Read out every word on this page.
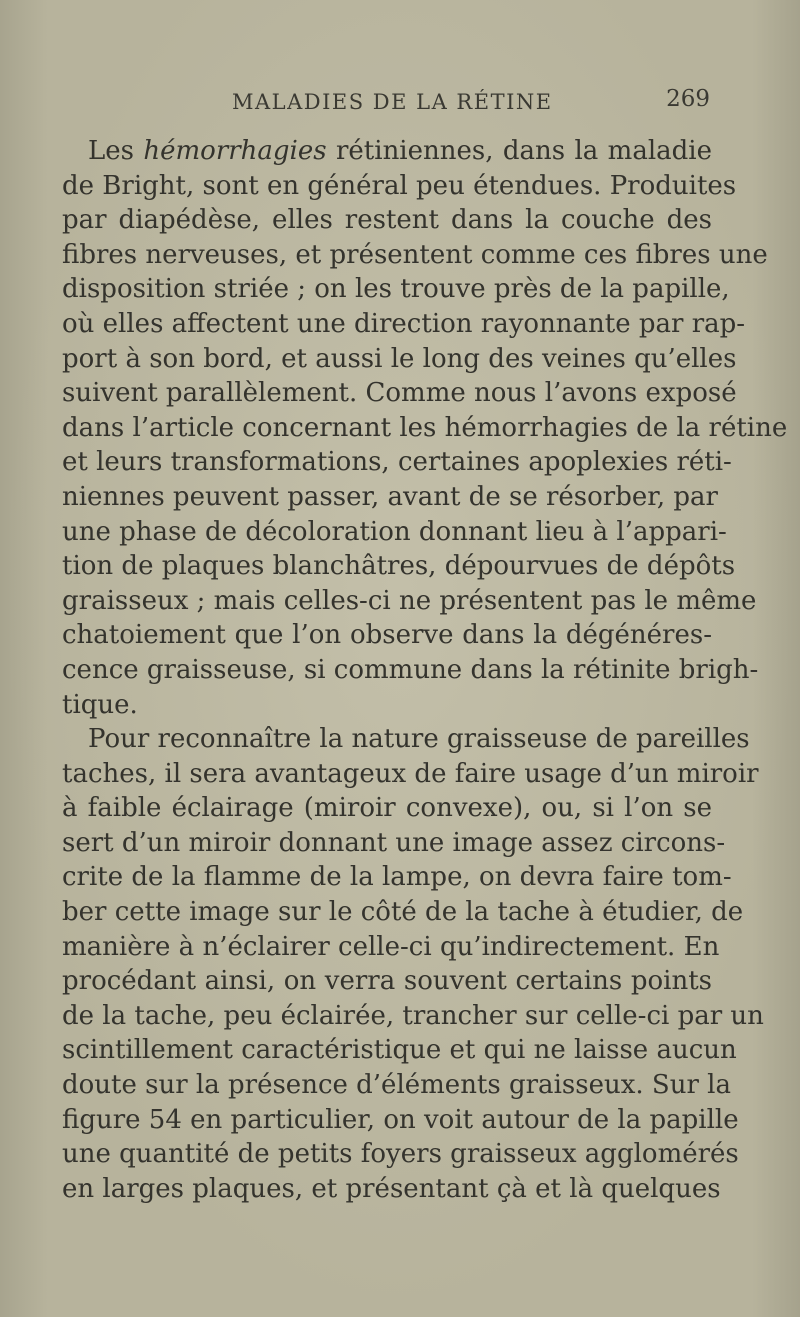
MALADIES DE LA RÉTINE	269
Les hémorrhagies rétiniennes, dans la maladie
de Bright, sont en général peu étendues. Produites
par diapédèse, elles restent dans la couche des
fibres nerveuses, et présentent comme ces fibres une
disposition striée ; on les trouve près de la papille,
où elles affectent une direction rayonnante par rap-
port à son bord, et aussi le long des veines qu’elles
suivent parallèlement. Comme nous l’avons exposé
dans l’article concernant les hémorrhagies de la rétine
et leurs transformations, certaines apoplexies réti-
niennes peuvent passer, avant de se résorber, par
une phase de décoloration donnant lieu à l’appari-
tion de plaques blanchâtres, dépourvues de dépôts
graisseux ; mais celles-ci ne présentent pas le même
chatoiement que l’on observe dans la dégénéres-
cence graisseuse, si commune dans la rétinite brigh-
tique.
Pour reconnaître la nature graisseuse de pareilles
taches, il sera avantageux de faire usage d’un miroir
à faible éclairage (miroir convexe), ou, si l’on se
sert d’un miroir donnant une image assez circons-
crite de la flamme de la lampe, on devra faire tom-
ber cette image sur le côté de la tache à étudier, de
manière à n’éclairer celle-ci qu’indirectement. En
procédant ainsi, on verra souvent certains points
de la tache, peu éclairée, trancher sur celle-ci par un
scintillement caractéristique et qui ne laisse aucun
doute sur la présence d’éléments graisseux. Sur la
figure 54 en particulier, on voit autour de la papille
une quantité de petits foyers graisseux agglomérés
en larges plaques, et présentant çà et là quelques
